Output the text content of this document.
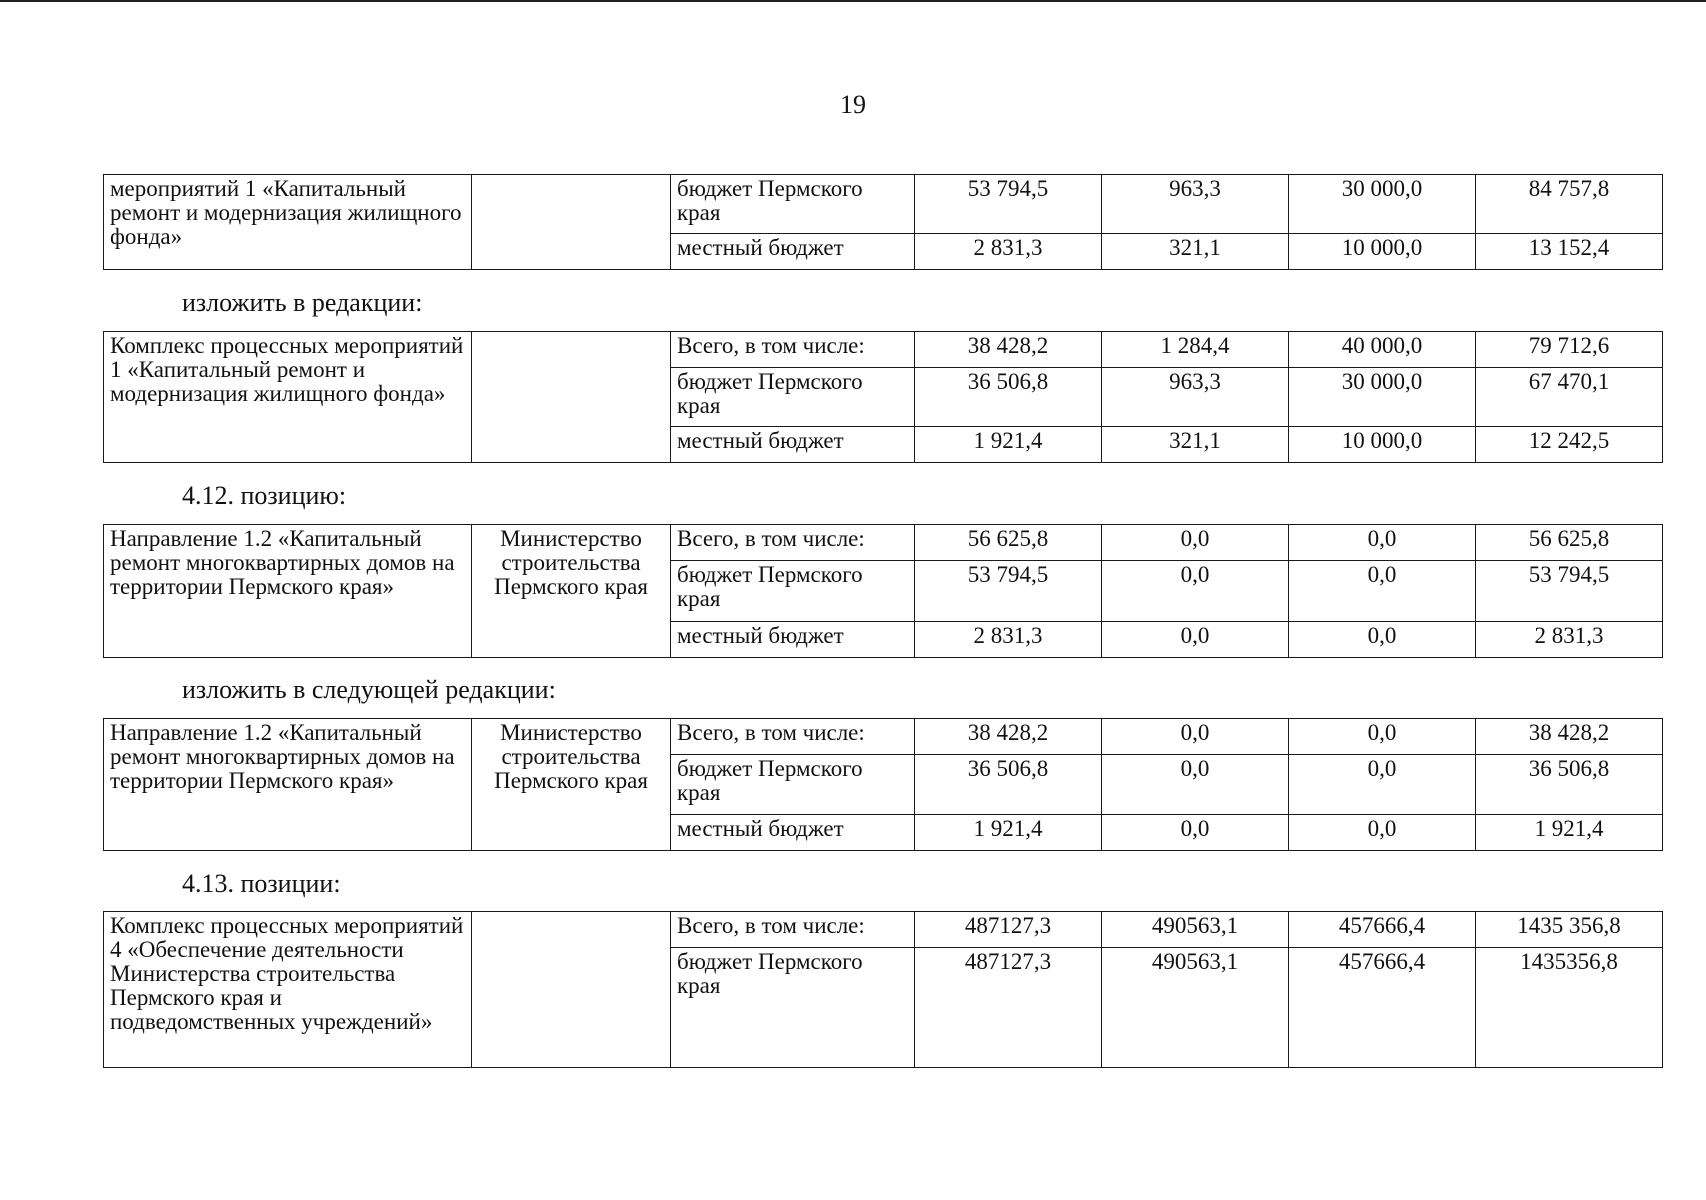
19
мероприятий 1 «Капитальный ремонт и модернизация жилищного фонда»		бюджет Пермского края	53 794,5	963,3	30 000,0	84 757,8
		местный бюджет	2 831,3	321,1	10 000,0	13 152,4
изложить в редакции:
Комплекс процессных мероприятий 1 «Капитальный ремонт и модернизация жилищного фонда»		Всего, в том числе:	38 428,2	1 284,4	40 000,0	79 712,6
		бюджет Пермского края	36 506,8	963,3	30 000,0	67 470,1
		местный бюджет	1 921,4	321,1	10 000,0	12 242,5
4.12. позицию:
Направление 1.2 «Капитальный ремонт многоквартирных домов на территории Пермского края»	Министерство строительства Пермского края	Всего, в том числе:	56 625,8	0,0	0,0	56 625,8
		бюджет Пермского края	53 794,5	0,0	0,0	53 794,5
		местный бюджет	2 831,3	0,0	0,0	2 831,3
изложить в следующей редакции:
Направление 1.2 «Капитальный ремонт многоквартирных домов на территории Пермского края»	Министерство строительства Пермского края	Всего, в том числе:	38 428,2	0,0	0,0	38 428,2
		бюджет Пермского края	36 506,8	0,0	0,0	36 506,8
		местный бюджет	1 921,4	0,0	0,0	1 921,4
4.13. позиции:
Комплекс процессных мероприятий 4 «Обеспечение деятельности Министерства строительства Пермского края и подведомственных учреждений»		Всего, в том числе:	487127,3	490563,1	457666,4	1435 356,8
		бюджет Пермского края	487127,3	490563,1	457666,4	1435356,8
